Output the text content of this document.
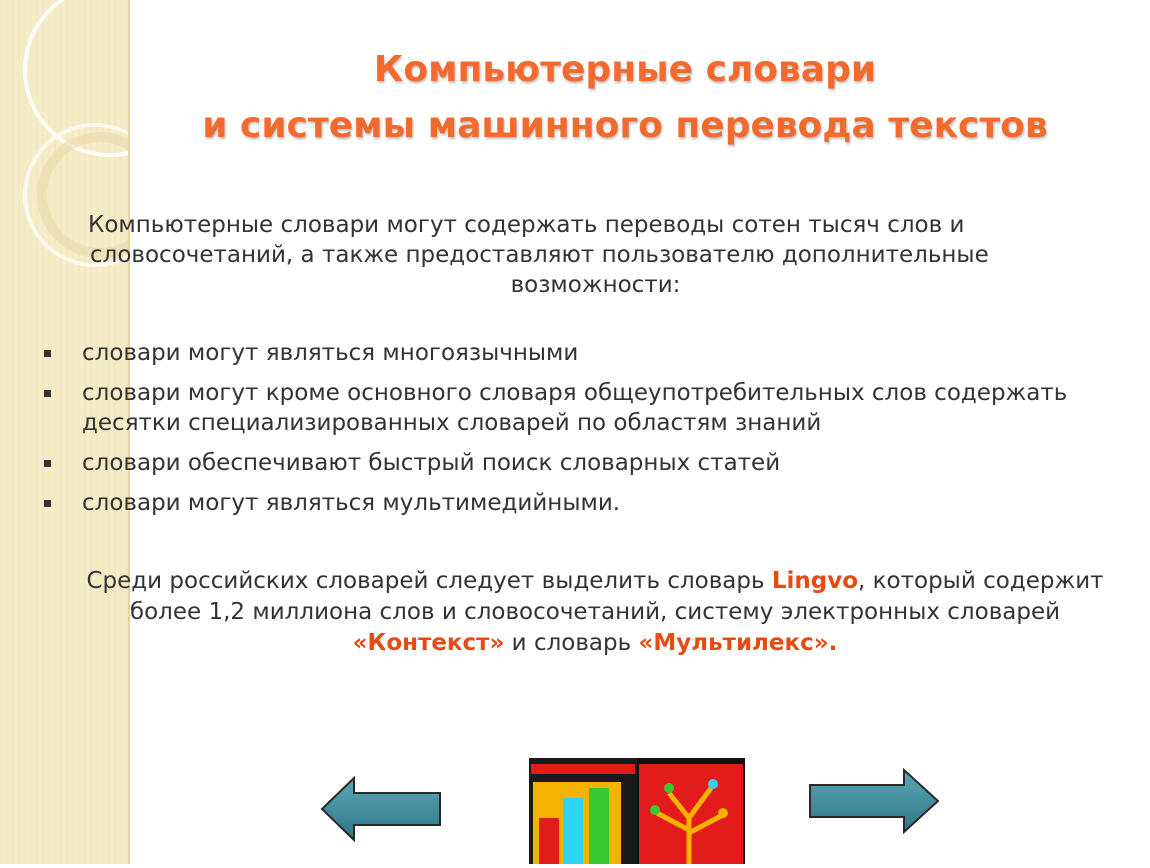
Компьютерные словари
и системы машинного перевода текстов
Компьютерные словари могут содержать переводы сотен тысяч слов и
словосочетаний, а также предоставляют пользователю дополнительные
возможности:
словари могут являться многоязычными
словари могут кроме основного словаря общеупотребительных слов содержать десятки специализированных словарей по областям знаний
словари обеспечивают быстрый поиск словарных статей
словари могут являться мультимедийными.
Среди российских словарей следует выделить словарь Lingvo, который содержит более 1,2 миллиона слов и словосочетаний, систему электронных словарей «Контекст» и словарь «Мультилекс».
